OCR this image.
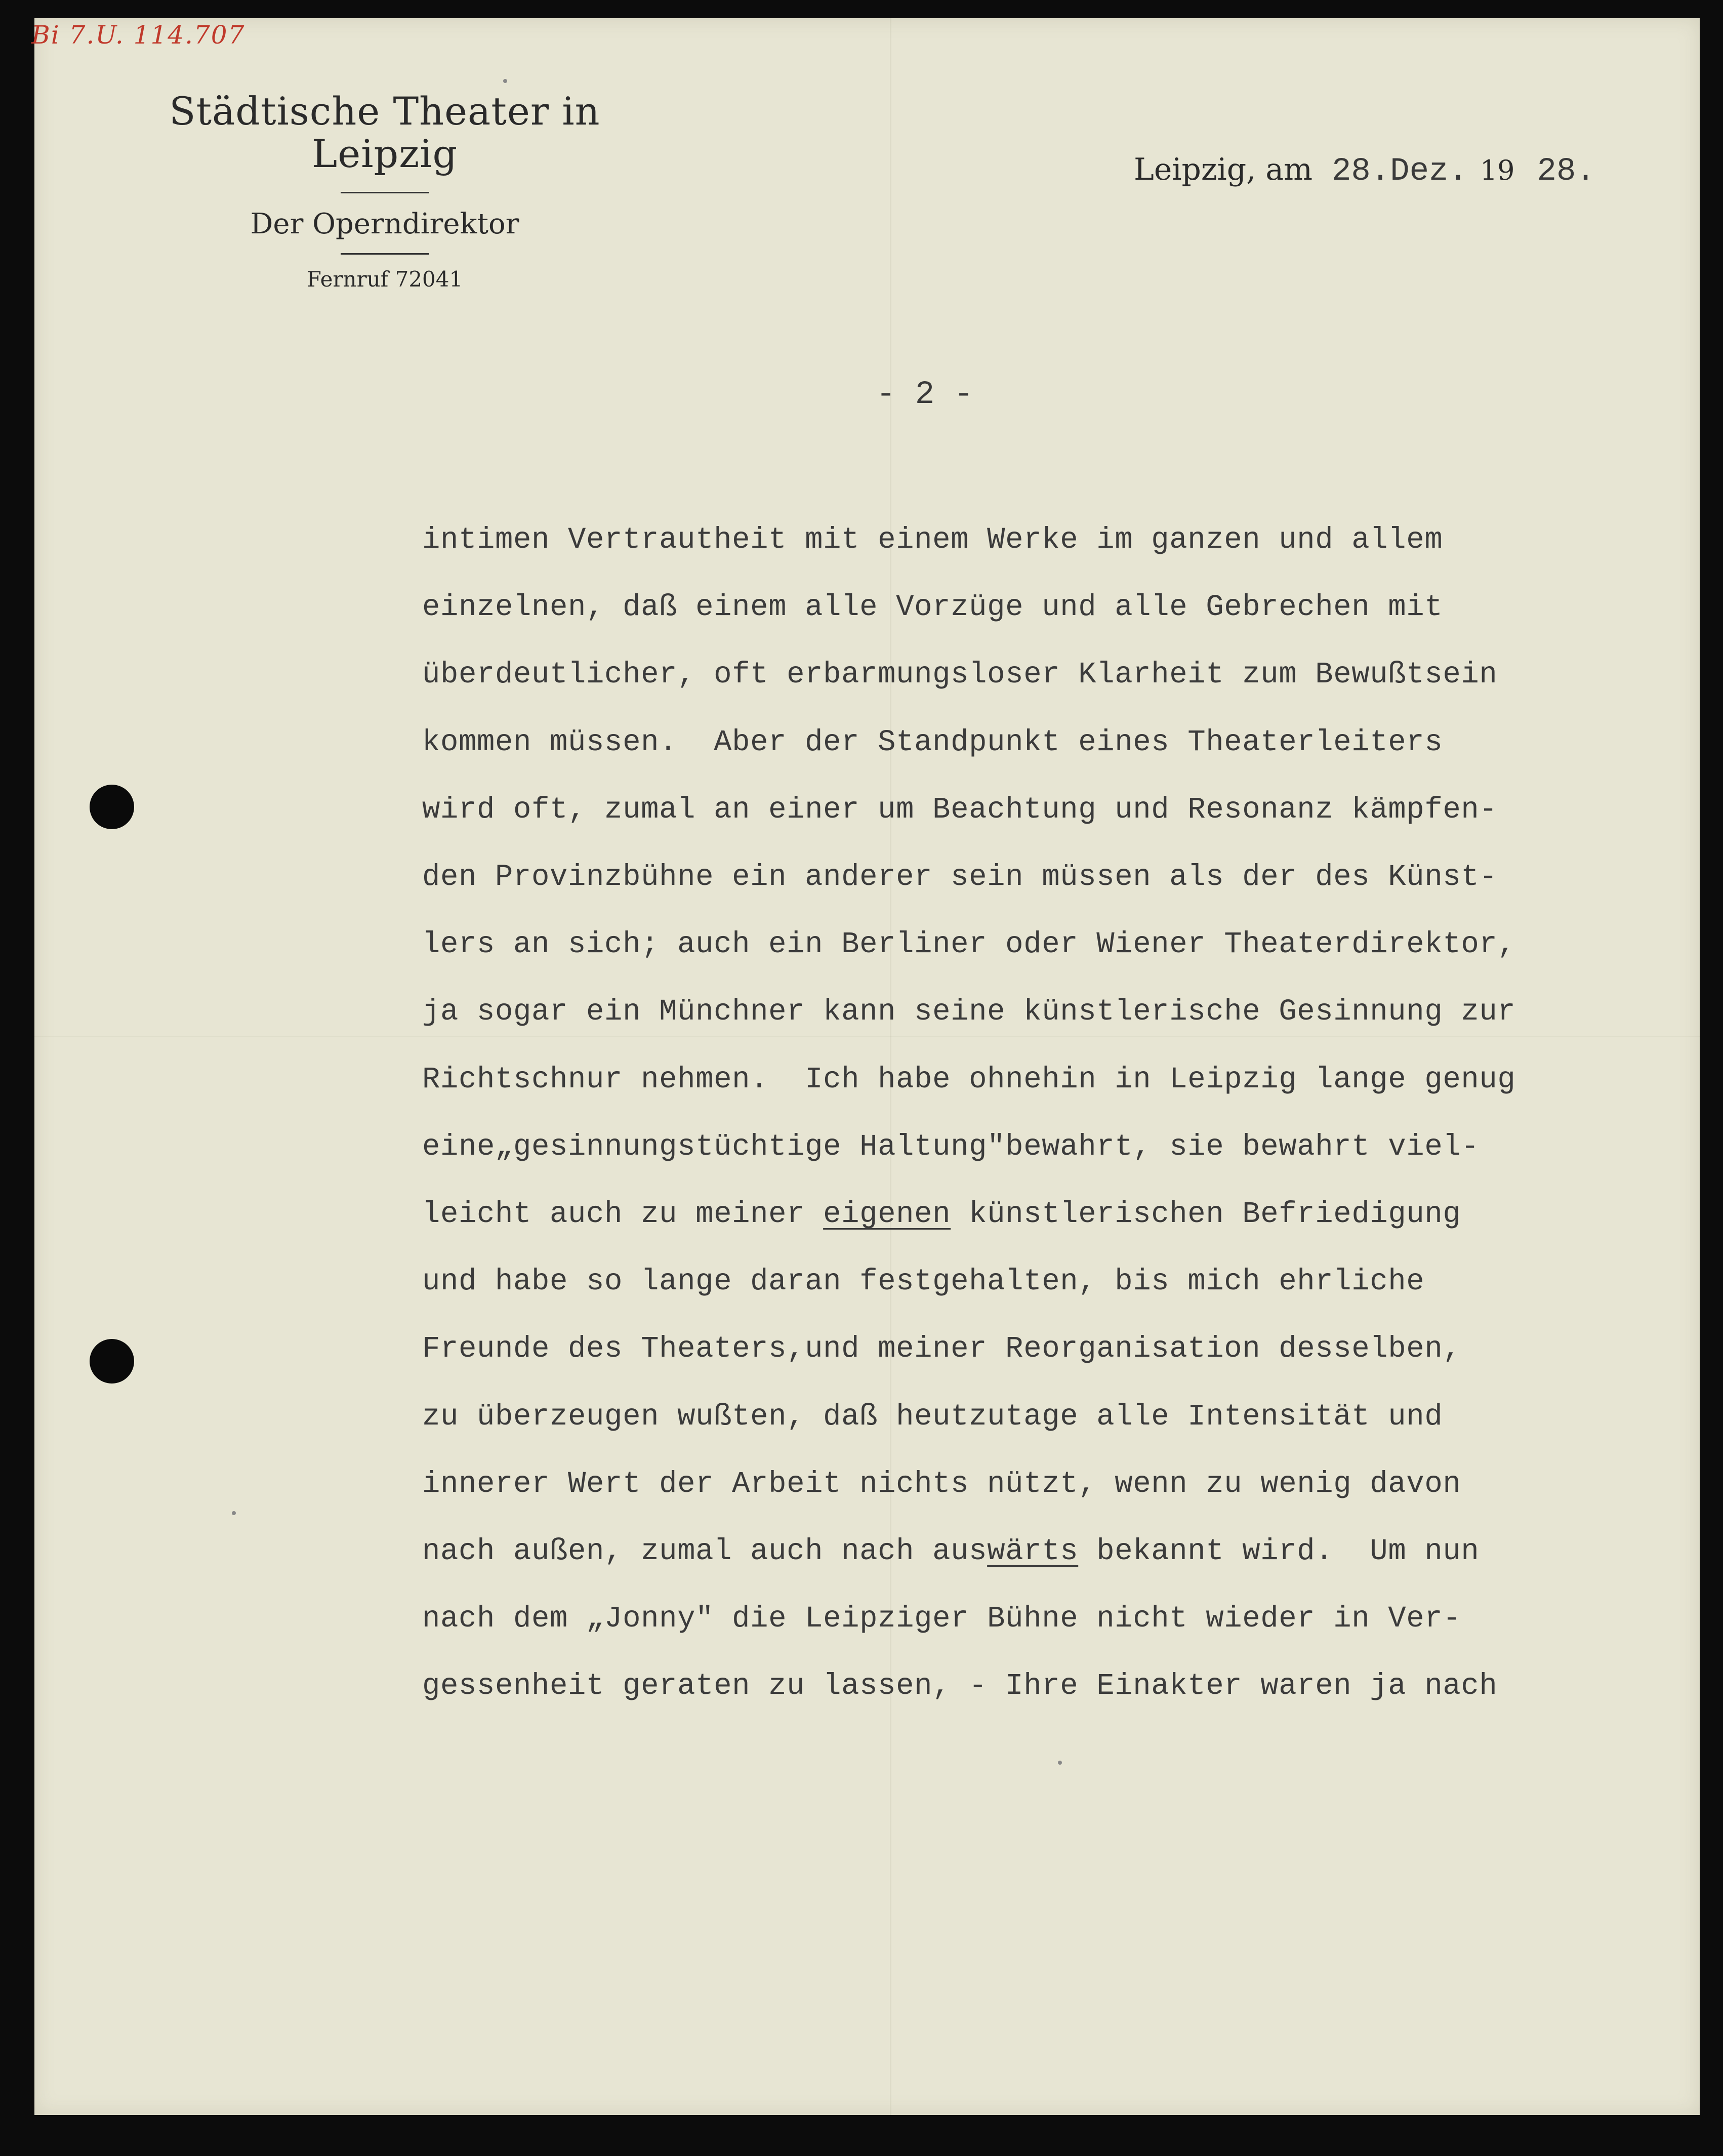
Bi 7.U. 114.707
Städtische Theater in Leipzig
Der Operndirektor
Fernruf 72041
Leipzig, am 28.Dez. 19 28.
- 2 -
intimen Vertrautheit mit einem Werke im ganzen und allem
einzelnen, daß einem alle Vorzüge und alle Gebrechen mit
überdeutlicher, oft erbarmungsloser Klarheit zum Bewußtsein
kommen müssen.  Aber der Standpunkt eines Theaterleiters
wird oft, zumal an einer um Beachtung und Resonanz kämpfen-
den Provinzbühne ein anderer sein müssen als der des Künst-
lers an sich; auch ein Berliner oder Wiener Theaterdirektor,
ja sogar ein Münchner kann seine künstlerische Gesinnung zur
Richtschnur nehmen.  Ich habe ohnehin in Leipzig lange genug
eine„gesinnungstüchtige Haltung"bewahrt, sie bewahrt viel-
leicht auch zu meiner eigenen künstlerischen Befriedigung
und habe so lange daran festgehalten, bis mich ehrliche
Freunde des Theaters,und meiner Reorganisation desselben,
zu überzeugen wußten, daß heutzutage alle Intensität und
innerer Wert der Arbeit nichts nützt, wenn zu wenig davon
nach außen, zumal auch nach auswärts bekannt wird.  Um nun
nach dem „Jonny" die Leipziger Bühne nicht wieder in Ver-
gessenheit geraten zu lassen, - Ihre Einakter waren ja nach
